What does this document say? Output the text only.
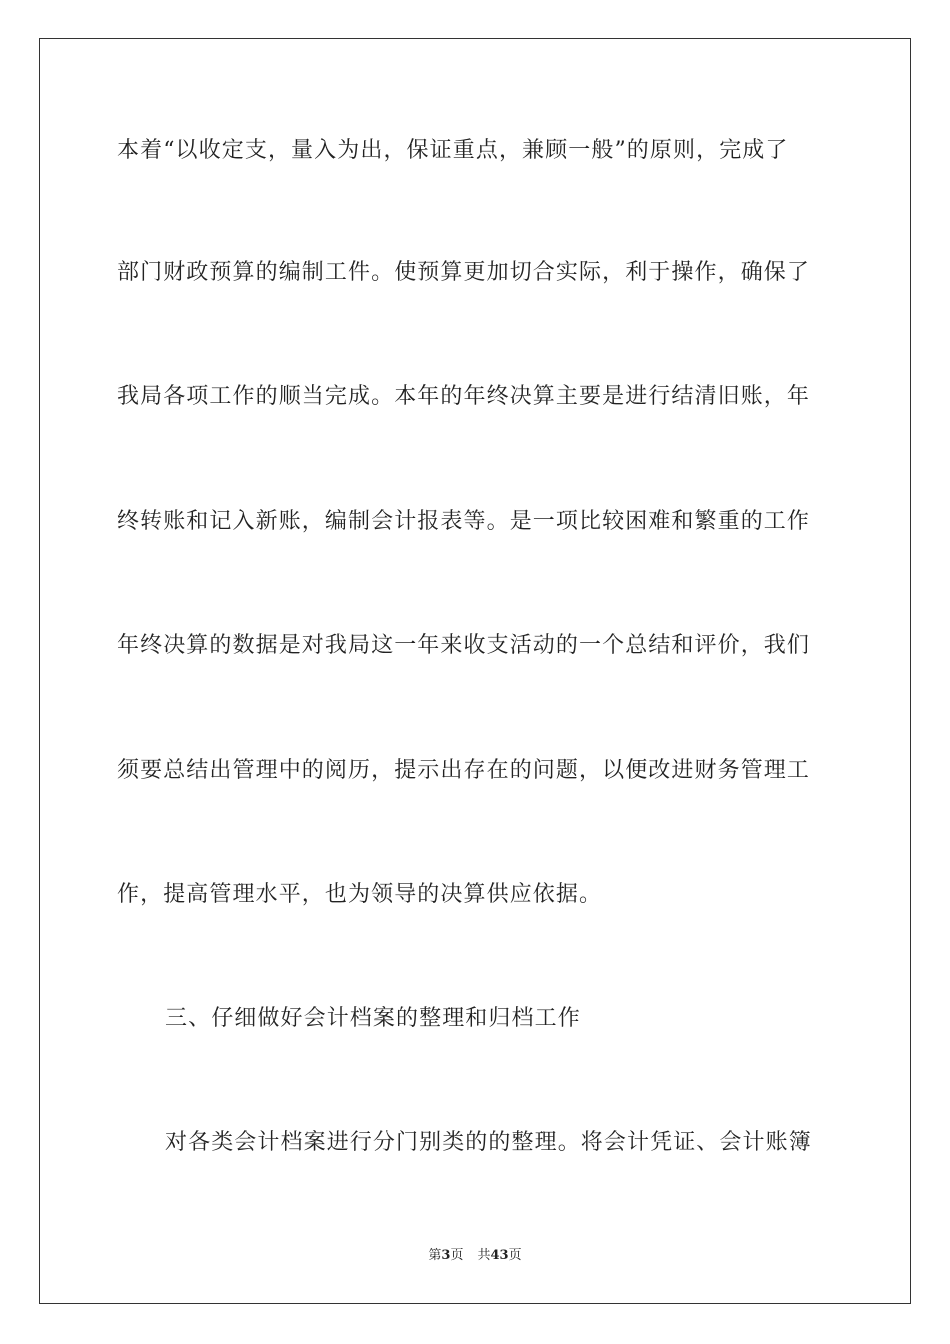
本着“以收定支，量入为出，保证重点，兼顾一般”的原则，完成了
部门财政预算的编制工件。使预算更加切合实际，利于操作，确保了
我局各项工作的顺当完成。本年的年终决算主要是进行结清旧账，年
终转账和记入新账，编制会计报表等。是一项比较困难和繁重的工作
年终决算的数据是对我局这一年来收支活动的一个总结和评价，我们
须要总结出管理中的阅历，提示出存在的问题，以便改进财务管理工
作，提高管理水平，也为领导的决算供应依据。
三、仔细做好会计档案的整理和归档工作
对各类会计档案进行分门别类的的整理。将会计凭证、会计账簿
第3页 共43页
